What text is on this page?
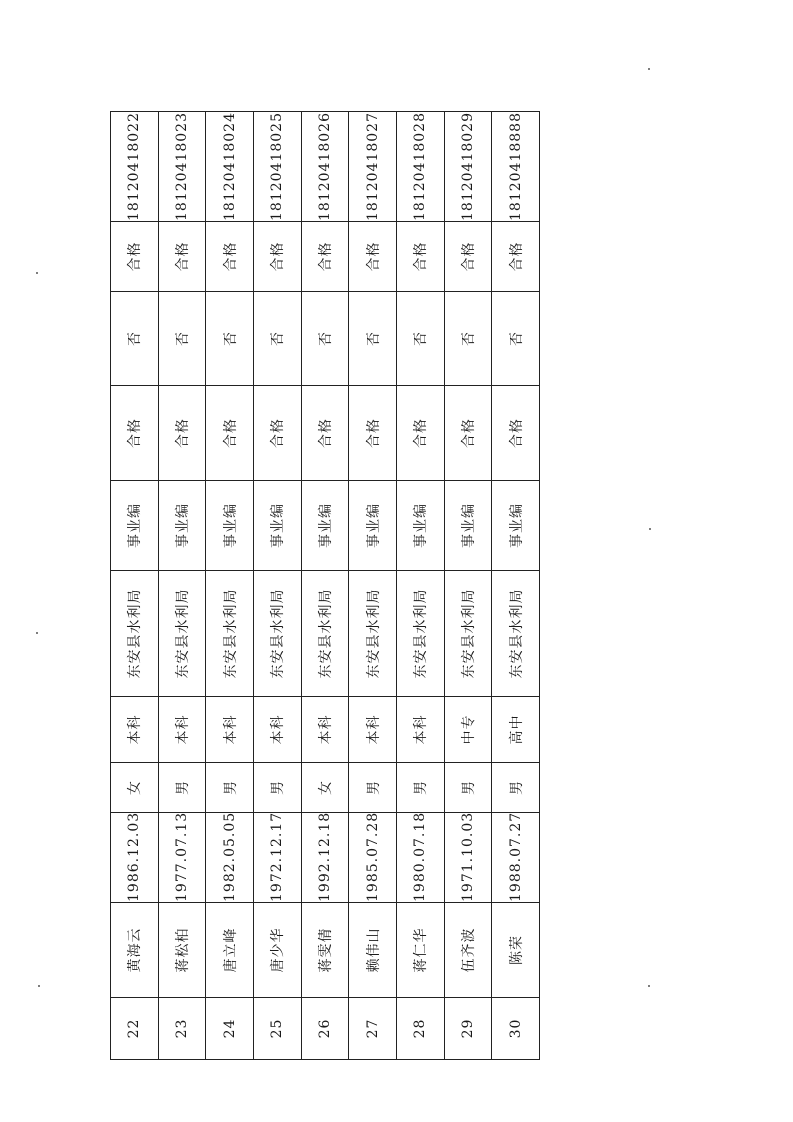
22	黄海云	1986.12.03	女	本科	东安县水利局	事业编	合格	否	合格	18120418022
23	蒋松柏	1977.07.13	男	本科	东安县水利局	事业编	合格	否	合格	18120418023
24	唐立峰	1982.05.05	男	本科	东安县水利局	事业编	合格	否	合格	18120418024
25	唐少华	1972.12.17	男	本科	东安县水利局	事业编	合格	否	合格	18120418025
26	蒋雯倩	1992.12.18	女	本科	东安县水利局	事业编	合格	否	合格	18120418026
27	赖伟山	1985.07.28	男	本科	东安县水利局	事业编	合格	否	合格	18120418027
28	蒋仁华	1980.07.18	男	本科	东安县水利局	事业编	合格	否	合格	18120418028
29	伍齐波	1971.10.03	男	中专	东安县水利局	事业编	合格	否	合格	18120418029
30	陈荣	1988.07.27	男	高中	东安县水利局	事业编	合格	否	合格	18120418888
